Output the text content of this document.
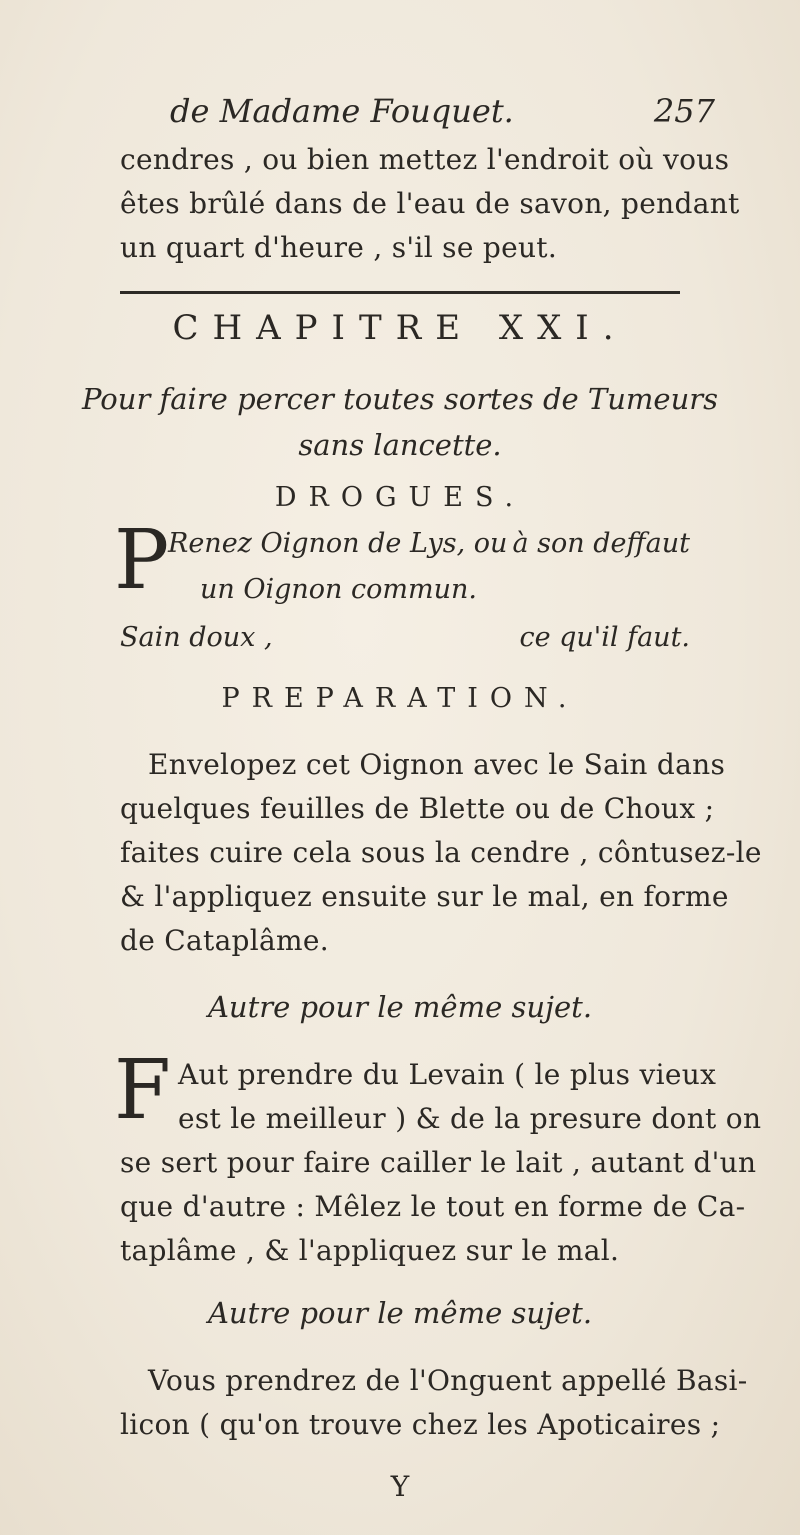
de Madame Fouquet.	257
cendres , ou bien mettez l'endroit où vous
êtes brûlé dans de l'eau de savon, pendant
un quart d'heure , s'il se peut.
CHAPITRE XXI.
Pour faire percer toutes sortes de Tumeurs
sans lancette.
DROGUES.
P
Renez Oignon de Lys, ou à son deffaut
un Oignon commun.
Sain doux ,	ce qu'il faut.
PREPARATION.
Envelopez cet Oignon avec le Sain dans
quelques feuilles de Blette ou de Choux ;
faites cuire cela sous la cendre , côntusez-le
& l'appliquez ensuite sur le mal, en forme
de Cataplâme.
Autre pour le même sujet.
F Aut prendre du Levain ( le plus vieux
est le meilleur ) & de la presure dont on
se sert pour faire cailler le lait , autant d'un
que d'autre : Mêlez le tout en forme de Ca-
taplâme , & l'appliquez sur le mal.
Autre pour le même sujet.
Vous prendrez de l'Onguent appellé Basi-
licon ( qu'on trouve chez les Apoticaires ;
Y
